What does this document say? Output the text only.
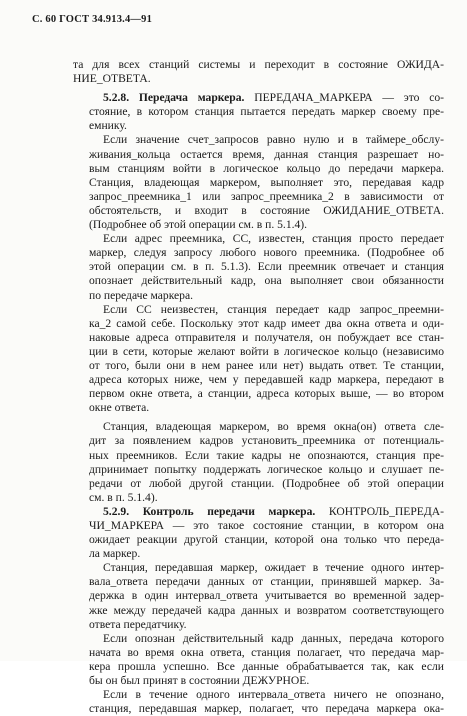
С. 60 ГОСТ 34.913.4—91
та для всех станций системы и переходит в состояние ОЖИДА-
НИЕ_ОТВЕТА.
5.2.8. Передача маркера. ПЕРЕДАЧА_МАРКЕРА — это со-
стояние, в котором станция пытается передать маркер своему пре-
емнику.
Если значение счет_запросов равно нулю и в таймере_обслу-
живания_кольца остается время, данная станция разрешает но-
вым станциям войти в логическое кольцо до передачи маркера.
Станция, владеющая маркером, выполняет это, передавая кадр
запрос_преемника_1 или запрос_преемника_2 в зависимости от
обстоятельств, и входит в состояние ОЖИДАНИЕ_ОТВЕТА.
(Подробнее об этой операции см. в п. 5.1.4).
Если адрес преемника, СС, известен, станция просто передает
маркер, следуя запросу любого нового преемника. (Подробнее об
этой операции см. в п. 5.1.3). Если преемник отвечает и станция
опознает действительный кадр, она выполняет свои обязанности
по передаче маркера.
Если СС неизвестен, станция передает кадр запрос_преемни-
ка_2 самой себе. Поскольку этот кадр имеет два окна ответа и оди-
наковые адреса отправителя и получателя, он побуждает все стан-
ции в сети, которые желают войти в логическое кольцо (независимо
от того, были они в нем ранее или нет) выдать ответ. Те станции,
адреса которых ниже, чем у передавшей кадр маркера, передают в
первом окне ответа, а станции, адреса которых выше, — во втором
окне ответа.
Станция, владеющая маркером, во время окна(он) ответа сле-
дит за появлением кадров установить_преемника от потенциаль-
ных преемников. Если такие кадры не опознаются, станция пре-
дпринимает попытку поддержать логическое кольцо и слушает пе-
редачи от любой другой станции. (Подробнее об этой операции
см. в п. 5.1.4).
5.2.9. Контроль передачи маркера. КОНТРОЛЬ_ПЕРЕДА-
ЧИ_МАРКЕРА — это такое состояние станции, в котором она
ожидает реакции другой станции, которой она только что переда-
ла маркер.
Станция, передавшая маркер, ожидает в течение одного интер-
вала_ответа передачи данных от станции, принявшей маркер. За-
держка в один интервал_ответа учитывается во временной задер-
жке между передачей кадра данных и возвратом соответствующего
ответа передатчику.
Если опознан действительный кадр данных, передача которого
начата во время окна ответа, станция полагает, что передача мар-
кера прошла успешно. Все данные обрабатывается так, как если
бы он был принят в состоянии ДЕЖУРНОЕ.
Если в течение одного интервала_ответа ничего не опознано,
станция, передавшая маркер, полагает, что передача маркера ока-
